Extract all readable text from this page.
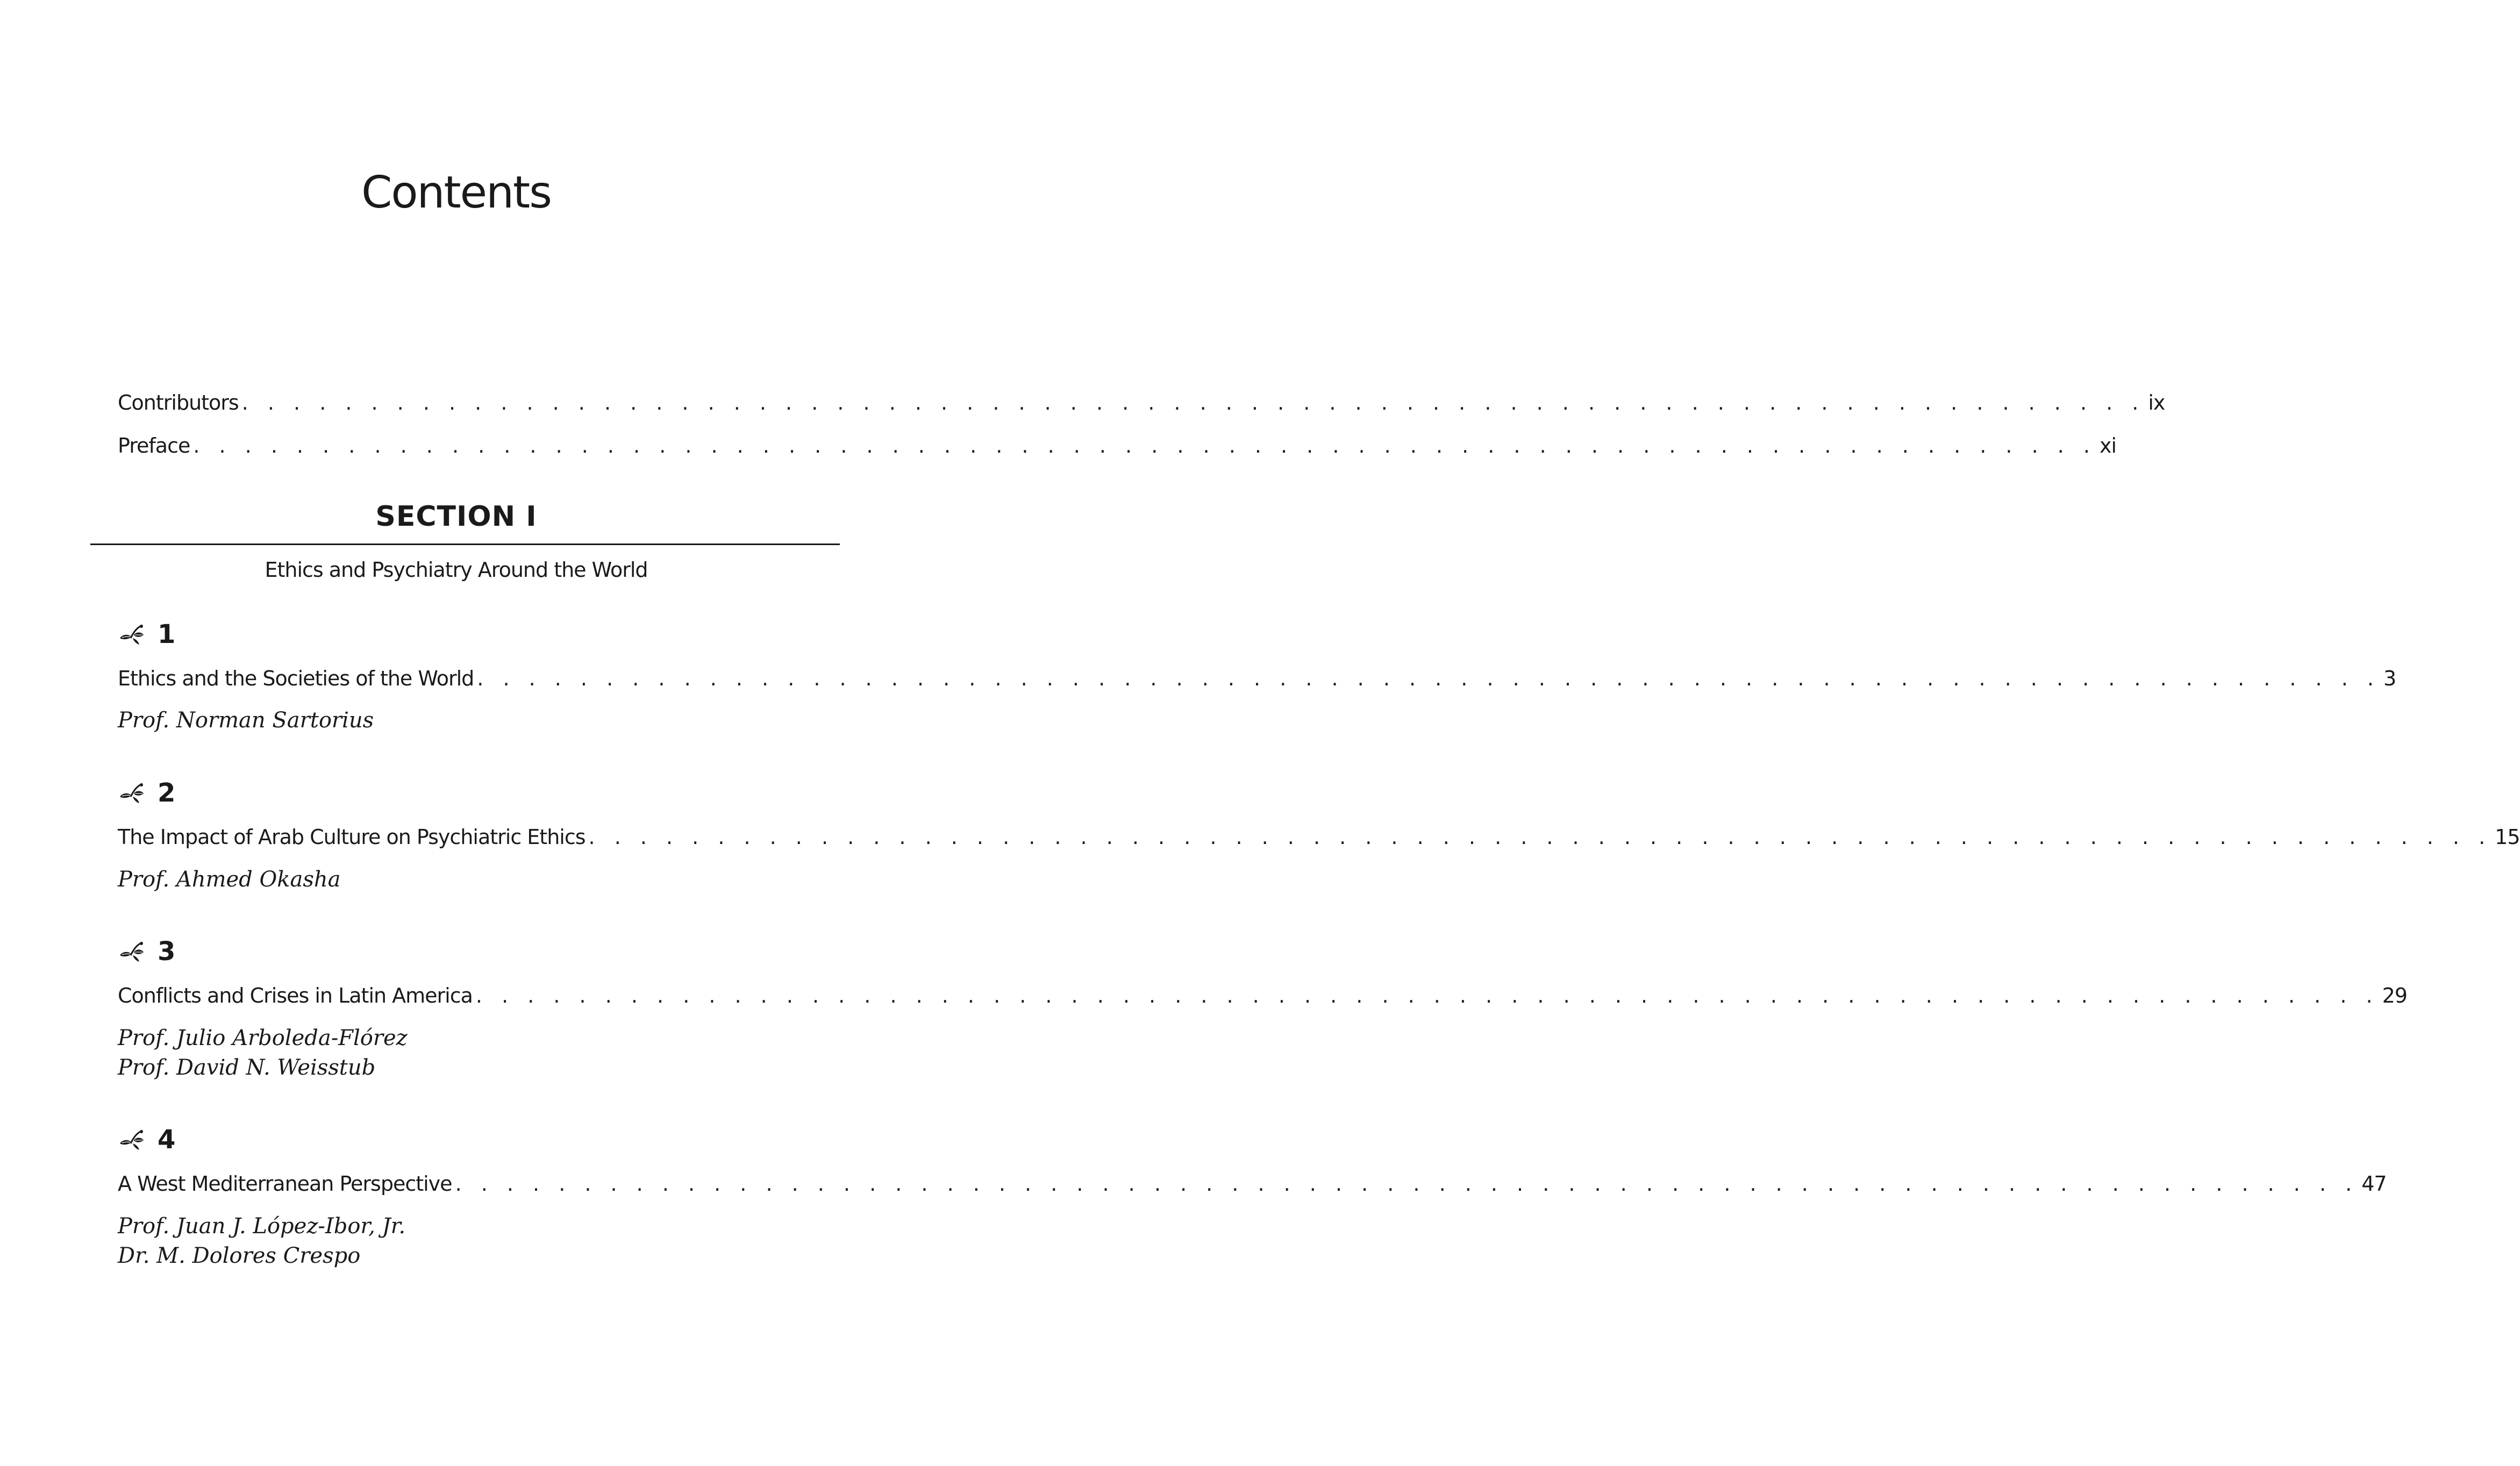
Contents
Contributors . . . . . . . . . . . . . . . . . . . . . . . . . . . . . . . . . . . . . . . . . . . . . . . . . . . . . . . . . . . . . . . . . . . . . . . . . . ix
Preface . . . . . . . . . . . . . . . . . . . . . . . . . . . . . . . . . . . . . . . . . . . . . . . . . . . . . . . . . . . . . . . . . . . . . . . . . . xi
SECTION I
Ethics and Psychiatry Around the World
1
Ethics and the Societies of the World . . . . . . . . . . . . . . . . . . . . . . . . . . . . . . . . . . . . . . . . . . . . . . . . . . . . . . . . . . . . . . . . . . . . . . . . . . 3
Prof. Norman Sartorius
2
The Impact of Arab Culture on Psychiatric Ethics . . . . . . . . . . . . . . . . . . . . . . . . . . . . . . . . . . . . . . . . . . . . . . . . . . . . . . . . . . . . . . . . . . . . . . . . . . 15
Prof. Ahmed Okasha
3
Conflicts and Crises in Latin America . . . . . . . . . . . . . . . . . . . . . . . . . . . . . . . . . . . . . . . . . . . . . . . . . . . . . . . . . . . . . . . . . . . . . . . . . . 29
Prof. Julio Arboleda-Flórez
Prof. David N. Weisstub
4
A West Mediterranean Perspective . . . . . . . . . . . . . . . . . . . . . . . . . . . . . . . . . . . . . . . . . . . . . . . . . . . . . . . . . . . . . . . . . . . . . . . . . . 47
Prof. Juan J. López-Ibor, Jr.
Dr. M. Dolores Crespo
